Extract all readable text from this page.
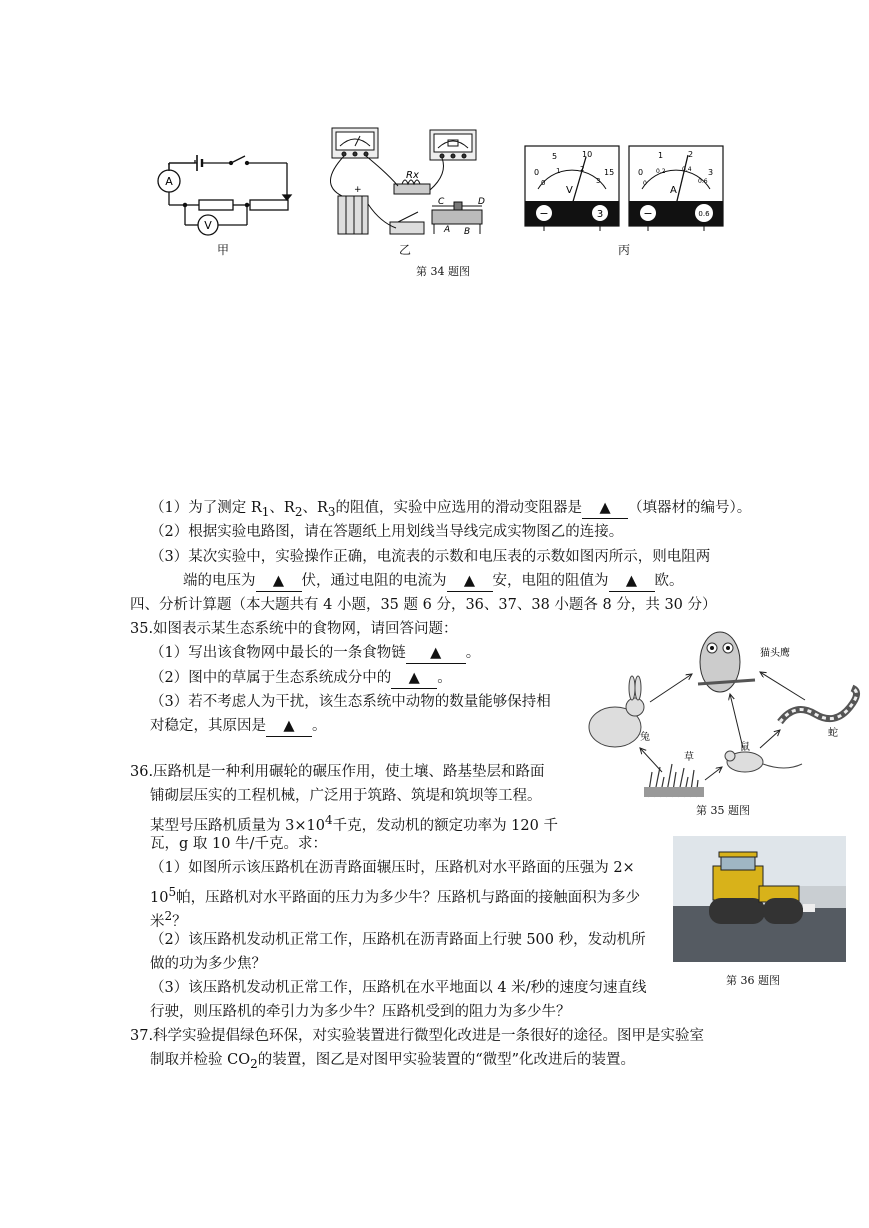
A
V
Rx
C	D
A B
+
0
5	10
15
0
1	2
3
V
−	3
0
1	2
3
0
0.2	0.4
0.6
A
−	0.6
甲	乙	丙
第 34 题图
（1）为了测定 $R_1$、$R_2$、$R_3$的阻值，实验中应选用的滑动变阻器是 ▲ （填器材的编号）。
（2）根据实验电路图，请在答题纸上用划线当导线完成实物图乙的连接。
（3）某次实验中，实验操作正确，电流表的示数和电压表的示数如图丙所示，则电阻两
端的电压为 ▲ 伏，通过电阻的电流为 ▲ 安，电阻的阻值为 ▲ 欧。
四、分析计算题（本大题共有 4 小题，35 题 6 分，36、37、38 小题各 8 分，共 30 分）
35.如图表示某生态系统中的食物网，请回答问题：
（1）写出该食物网中最长的一条食物链 ▲ 。
（2）图中的草属于生态系统成分中的 ▲ 。
（3）若不考虑人为干扰，该生态系统中动物的数量能够保持相
对稳定，其原因是 ▲ 。
猫头鹰
兔
草
鼠
蛇
第 35 题图
36.压路机是一种利用碾轮的碾压作用，使土壤、路基垫层和路面
铺砌层压实的工程机械，广泛用于筑路、筑堤和筑坝等工程。
某型号压路机质量为 $3\times 10^4$千克，发动机的额定功率为 120 千
瓦，g 取 10 牛/千克。求：
（1）如图所示该压路机在沥青路面辗压时，压路机对水平路面的压强为 2×
$10^5$帕，压路机对水平路面的压力为多少牛？压路机与路面的接触面积为多少
米$^2$？
（2）该压路机发动机正常工作，压路机在沥青路面上行驶 500 秒，发动机所
做的功为多少焦？
（3）该压路机发动机正常工作，压路机在水平地面以 4 米/秒的速度匀速直线
行驶，则压路机的牵引力为多少牛？压路机受到的阻力为多少牛？
第 36 题图
37.科学实验提倡绿色环保，对实验装置进行微型化改进是一条很好的途径。图甲是实验室
制取并检验 $CO_2$的装置，图乙是对图甲实验装置的“微型”化改进后的装置。
